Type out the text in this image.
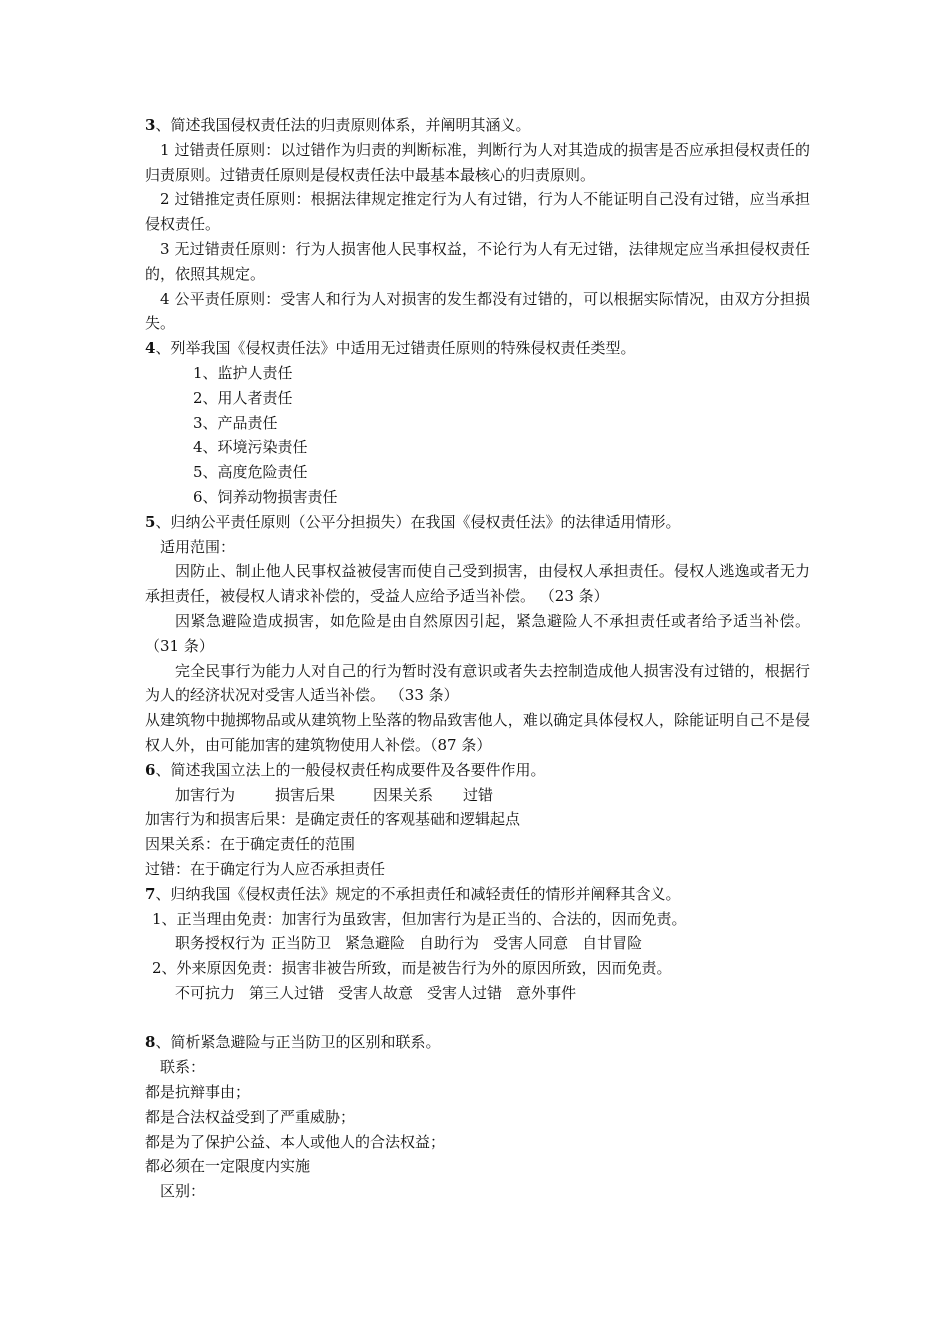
3、简述我国侵权责任法的归责原则体系，并阐明其涵义。
1 过错责任原则：以过错作为归责的判断标准，判断行为人对其造成的损害是否应承担侵权责任的归责原则。过错责任原则是侵权责任法中最基本最核心的归责原则。
2 过错推定责任原则：根据法律规定推定行为人有过错，行为人不能证明自己没有过错，应当承担侵权责任。
3 无过错责任原则：行为人损害他人民事权益，不论行为人有无过错，法律规定应当承担侵权责任的，依照其规定。
4 公平责任原则：受害人和行为人对损害的发生都没有过错的，可以根据实际情况，由双方分担损失。
4、列举我国《侵权责任法》中适用无过错责任原则的特殊侵权责任类型。
1、监护人责任
2、用人者责任
3、产品责任
4、环境污染责任
5、高度危险责任
6、饲养动物损害责任
5、归纳公平责任原则（公平分担损失）在我国《侵权责任法》的法律适用情形。
适用范围：
因防止、制止他人民事权益被侵害而使自己受到损害，由侵权人承担责任。侵权人逃逸或者无力承担责任，被侵权人请求补偿的，受益人应给予适当补偿。 （23 条）
因紧急避险造成损害，如危险是由自然原因引起，紧急避险人不承担责任或者给予适当补偿。 （31 条）
完全民事行为能力人对自己的行为暂时没有意识或者失去控制造成他人损害没有过错的，根据行为人的经济状况对受害人适当补偿。 （33 条）
从建筑物中抛掷物品或从建筑物上坠落的物品致害他人，难以确定具体侵权人，除能证明自己不是侵权人外，由可能加害的建筑物使用人补偿。（87 条）
6、简述我国立法上的一般侵权责任构成要件及各要件作用。
加害行为	损害后果	因果关系 过错
加害行为和损害后果：是确定责任的客观基础和逻辑起点
因果关系：在于确定责任的范围
过错：在于确定行为人应否承担责任
7、归纳我国《侵权责任法》规定的不承担责任和减轻责任的情形并阐释其含义。
1、正当理由免责：加害行为虽致害，但加害行为是正当的、合法的，因而免责。
职务授权行为 正当防卫 紧急避险 自助行为 受害人同意 自甘冒险
2、外来原因免责：损害非被告所致，而是被告行为外的原因所致，因而免责。
不可抗力 第三人过错 受害人故意 受害人过错 意外事件
8、简析紧急避险与正当防卫的区别和联系。
联系：
都是抗辩事由；
都是合法权益受到了严重威胁；
都是为了保护公益、本人或他人的合法权益；
都必须在一定限度内实施
区别：
